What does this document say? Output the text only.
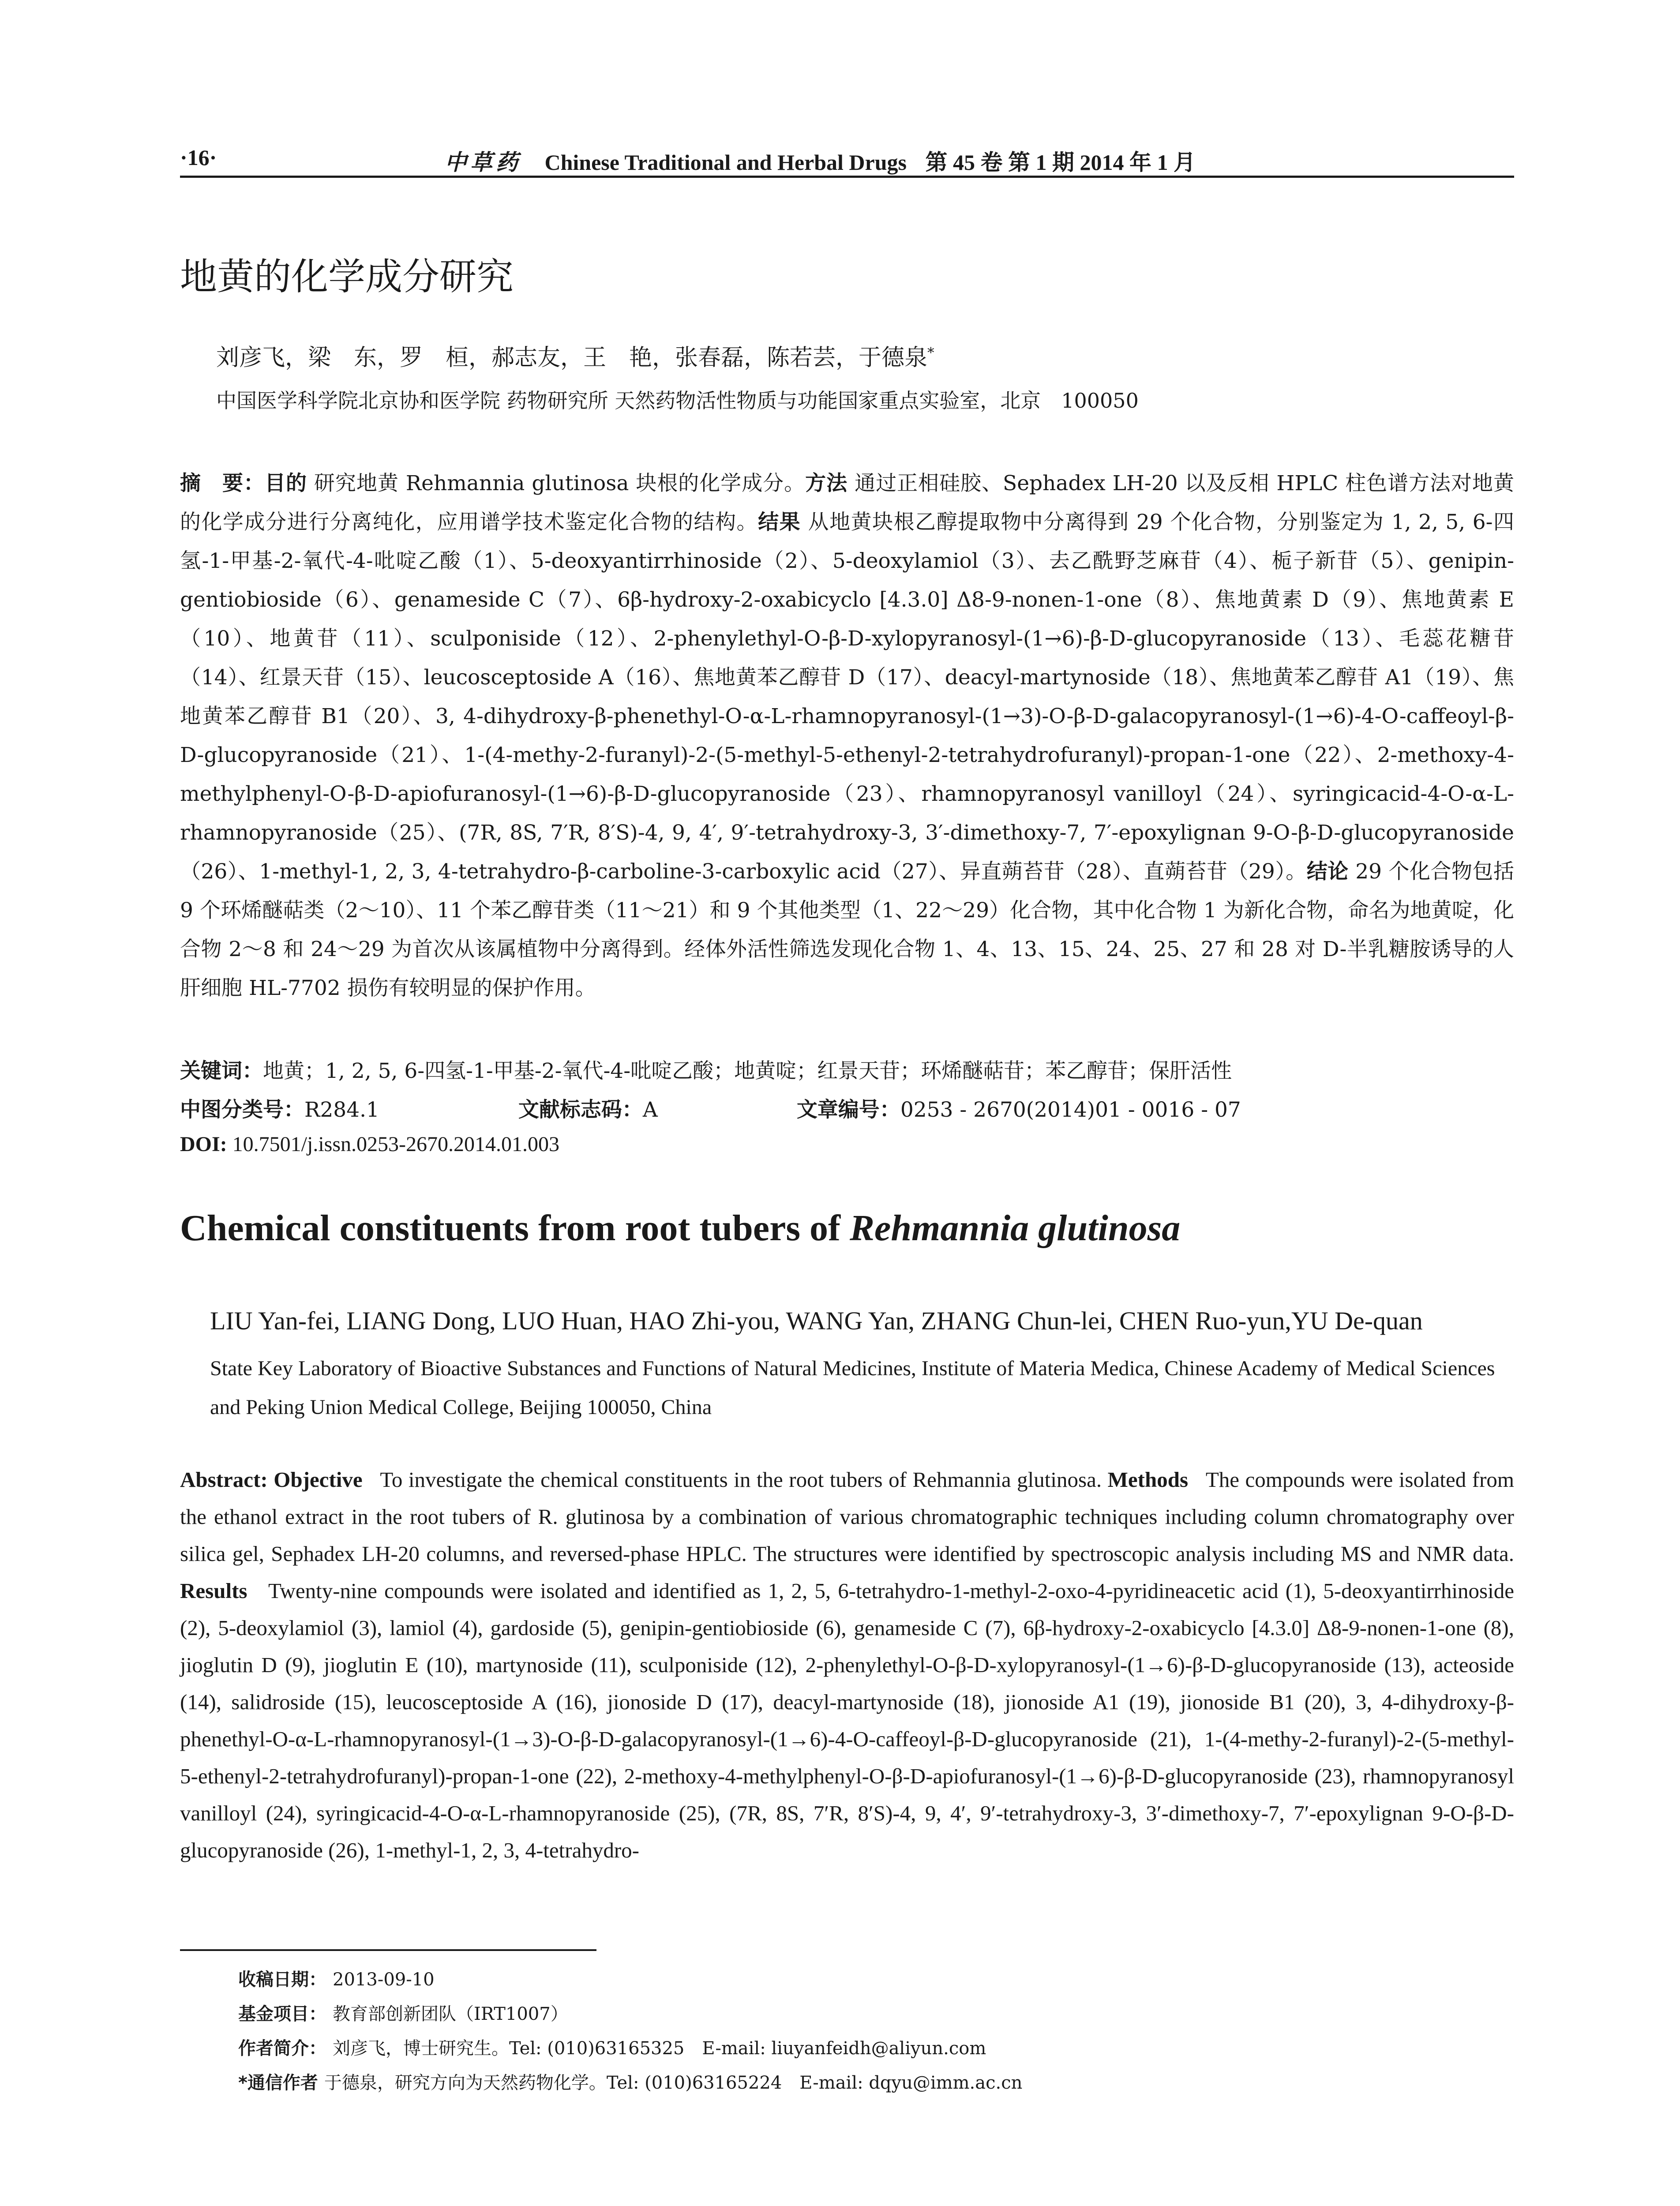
·16·	中草药 Chinese Traditional and Herbal Drugs 第 45 卷 第 1 期 2014 年 1 月
地黄的化学成分研究
刘彦飞，梁　东，罗　桓，郝志友，王　艳，张春磊，陈若芸，于德泉*
中国医学科学院北京协和医学院 药物研究所 天然药物活性物质与功能国家重点实验室，北京　100050
摘　要：目的 研究地黄 Rehmannia glutinosa 块根的化学成分。方法 通过正相硅胶、Sephadex LH-20 以及反相 HPLC 柱色谱方法对地黄的化学成分进行分离纯化，应用谱学技术鉴定化合物的结构。结果 从地黄块根乙醇提取物中分离得到 29 个化合物，分别鉴定为 1, 2, 5, 6-四氢-1-甲基-2-氧代-4-吡啶乙酸（1）、5-deoxyantirrhinoside（2）、5-deoxylamiol（3）、去乙酰野芝麻苷（4）、栀子新苷（5）、genipin-gentiobioside（6）、genameside C（7）、6β-hydroxy-2-oxabicyclo [4.3.0] Δ8-9-nonen-1-one（8）、焦地黄素 D（9）、焦地黄素 E（10）、地黄苷（11）、sculponiside（12）、2-phenylethyl-O-β-D-xylopyranosyl-(1→6)-β-D-glucopyranoside（13）、毛蕊花糖苷（14）、红景天苷（15）、leucosceptoside A（16）、焦地黄苯乙醇苷 D（17）、deacyl-martynoside（18）、焦地黄苯乙醇苷 A1（19）、焦地黄苯乙醇苷 B1（20）、3, 4-dihydroxy-β-phenethyl-O-α-L-rhamnopyranosyl-(1→3)-O-β-D-galacopyranosyl-(1→6)-4-O-caffeoyl-β-D-glucopyranoside（21）、1-(4-methy-2-furanyl)-2-(5-methyl-5-ethenyl-2-tetrahydrofuranyl)-propan-1-one（22）、2-methoxy-4-methylphenyl-O-β-D-apiofuranosyl-(1→6)-β-D-glucopyranoside（23）、rhamnopyranosyl vanilloyl（24）、syringicacid-4-O-α-L-rhamnopyranoside（25）、(7R, 8S, 7′R, 8′S)-4, 9, 4′, 9′-tetrahydroxy-3, 3′-dimethoxy-7, 7′-epoxylignan 9-O-β-D-glucopyranoside（26）、1-methyl-1, 2, 3, 4-tetrahydro-β-carboline-3-carboxylic acid（27）、异直蒴苔苷（28）、直蒴苔苷（29）。结论 29 个化合物包括 9 个环烯醚萜类（2～10）、11 个苯乙醇苷类（11～21）和 9 个其他类型（1、22～29）化合物，其中化合物 1 为新化合物，命名为地黄啶，化合物 2～8 和 24～29 为首次从该属植物中分离得到。经体外活性筛选发现化合物 1、4、13、15、24、25、27 和 28 对 D-半乳糖胺诱导的人肝细胞 HL-7702 损伤有较明显的保护作用。
关键词：地黄；1, 2, 5, 6-四氢-1-甲基-2-氧代-4-吡啶乙酸；地黄啶；红景天苷；环烯醚萜苷；苯乙醇苷；保肝活性
中图分类号：R284.1	文献标志码：A	文章编号：0253 - 2670(2014)01 - 0016 - 07
DOI: 10.7501/j.issn.0253-2670.2014.01.003
Chemical constituents from root tubers of Rehmannia glutinosa
LIU Yan-fei, LIANG Dong, LUO Huan, HAO Zhi-you, WANG Yan, ZHANG Chun-lei, CHEN Ruo-yun,YU De-quan
State Key Laboratory of Bioactive Substances and Functions of Natural Medicines, Institute of Materia Medica, Chinese Academy of Medical Sciences and Peking Union Medical College, Beijing 100050, China
Abstract: Objective To investigate the chemical constituents in the root tubers of Rehmannia glutinosa. Methods The compounds were isolated from the ethanol extract in the root tubers of R. glutinosa by a combination of various chromatographic techniques including column chromatography over silica gel, Sephadex LH-20 columns, and reversed-phase HPLC. The structures were identified by spectroscopic analysis including MS and NMR data. Results Twenty-nine compounds were isolated and identified as 1, 2, 5, 6-tetrahydro-1-methyl-2-oxo-4-pyridineacetic acid (1), 5-deoxyantirrhinoside (2), 5-deoxylamiol (3), lamiol (4), gardoside (5), genipin-gentiobioside (6), genameside C (7), 6β-hydroxy-2-oxabicyclo [4.3.0] Δ8-9-nonen-1-one (8), jioglutin D (9), jioglutin E (10), martynoside (11), sculponiside (12), 2-phenylethyl-O-β-D-xylopyranosyl-(1→6)-β-D-glucopyranoside (13), acteoside (14), salidroside (15), leucosceptoside A (16), jionoside D (17), deacyl-martynoside (18), jionoside A1 (19), jionoside B1 (20), 3, 4-dihydroxy-β-phenethyl-O-α-L-rhamnopyranosyl-(1→3)-O-β-D-galacopyranosyl-(1→6)-4-O-caffeoyl-β-D-glucopyranoside (21), 1-(4-methy-2-furanyl)-2-(5-methyl-5-ethenyl-2-tetrahydrofuranyl)-propan-1-one (22), 2-methoxy-4-methylphenyl-O-β-D-apiofuranosyl-(1→6)-β-D-glucopyranoside (23), rhamnopyranosyl vanilloyl (24), syringicacid-4-O-α-L-rhamnopyranoside (25), (7R, 8S, 7′R, 8′S)-4, 9, 4′, 9′-tetrahydroxy-3, 3′-dimethoxy-7, 7′-epoxylignan 9-O-β-D-glucopyranoside (26), 1-methyl-1, 2, 3, 4-tetrahydro-
收稿日期： 2013-09-10
基金项目： 教育部创新团队（IRT1007）
作者简介： 刘彦飞，博士研究生。Tel: (010)63165325　E-mail: liuyanfeidh@aliyun.com
*通信作者 于德泉，研究方向为天然药物化学。Tel: (010)63165224　E-mail: dqyu@imm.ac.cn
